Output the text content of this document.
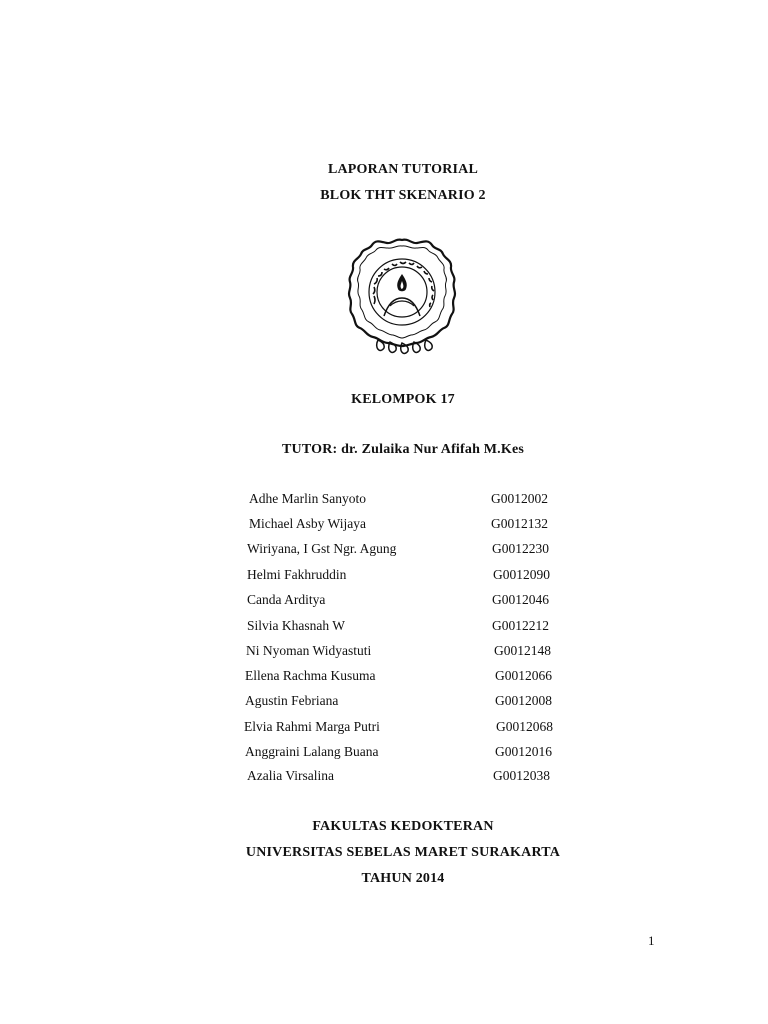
LAPORAN TUTORIAL
BLOK THT SKENARIO 2
KELOMPOK 17
TUTOR: dr. Zulaika Nur Afifah M.Kes
Adhe Marlin Sanyoto	G0012002
Michael Asby Wijaya	G0012132
Wiriyana, I Gst Ngr. Agung	G0012230
Helmi Fakhruddin	G0012090
Canda Arditya	G0012046
Silvia Khasnah W	G0012212
Ni Nyoman Widyastuti	G0012148
Ellena Rachma Kusuma	G0012066
Agustin Febriana	G0012008
Elvia Rahmi Marga Putri	G0012068
Anggraini Lalang Buana	G0012016
Azalia Virsalina	G0012038
FAKULTAS KEDOKTERAN
UNIVERSITAS SEBELAS MARET SURAKARTA
TAHUN 2014
1
